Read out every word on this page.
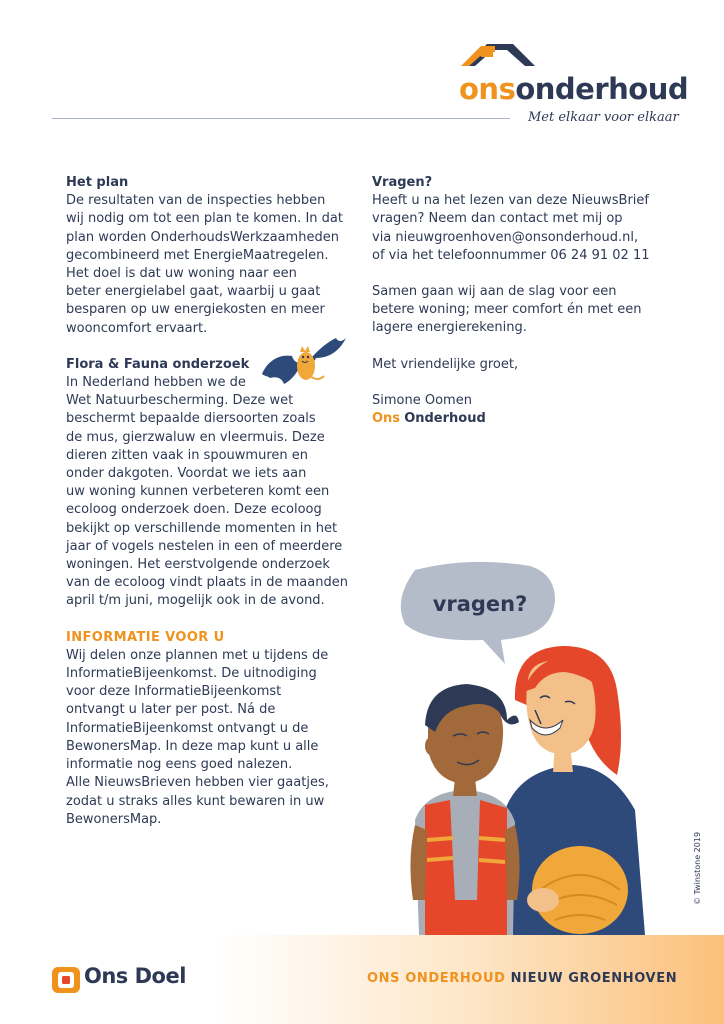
onsonderhoud
Met elkaar voor elkaar

Het plan

De resultaten van de inspecties hebben
wij nodig om tot een plan te komen. In dat
plan worden OnderhoudsWerkzaamheden
gecombineerd met EnergieMaatregelen.
Het doel is dat uw woning naar een
beter energielabel gaat, waarbij u gaat
besparen op uw energiekosten en meer
wooncomfort ervaart.

Flora & Fauna onderzoek

In Nederland hebben we de
Wet Natuurbescherming. Deze wet
beschermt bepaalde diersoorten zoals
de mus, gierzwaluw en vleermuis. Deze
dieren zitten vaak in spouwmuren en
onder dakgoten. Voordat we iets aan
uw woning kunnen verbeteren komt een
ecoloog onderzoek doen. Deze ecoloog
bekijkt op verschillende momenten in het
jaar of vogels nestelen in een of meerdere
woningen. Het eerstvolgende onderzoek
van de ecoloog vindt plaats in de maanden
april t/m juni, mogelijk ook in de avond.

INFORMATIE VOOR U

Wij delen onze plannen met u tijdens de
InformatieBijeenkomst. De uitnodiging
voor deze InformatieBijeenkomst
ontvangt u later per post. Ná de
InformatieBijeenkomst ontvangt u de
BewonersMap. In deze map kunt u alle
informatie nog eens goed nalezen.
Alle NieuwsBrieven hebben vier gaatjes,
zodat u straks alles kunt bewaren in uw
BewonersMap.

Vragen?

Heeft u na het lezen van deze NieuwsBrief
vragen? Neem dan contact met mij op
via nieuwgroenhoven@onsonderhoud.nl,
of via het telefoonnummer 06 24 91 02 11

Samen gaan wij aan de slag voor een
betere woning; meer comfort én met een
lagere energierekening.

Met vriendelijke groet,

Simone Oomen

Ons Onderhoud

vragen?
© Twinstone 2019
Ons Doel	ONS ONDERHOUD NIEUW GROENHOVEN
